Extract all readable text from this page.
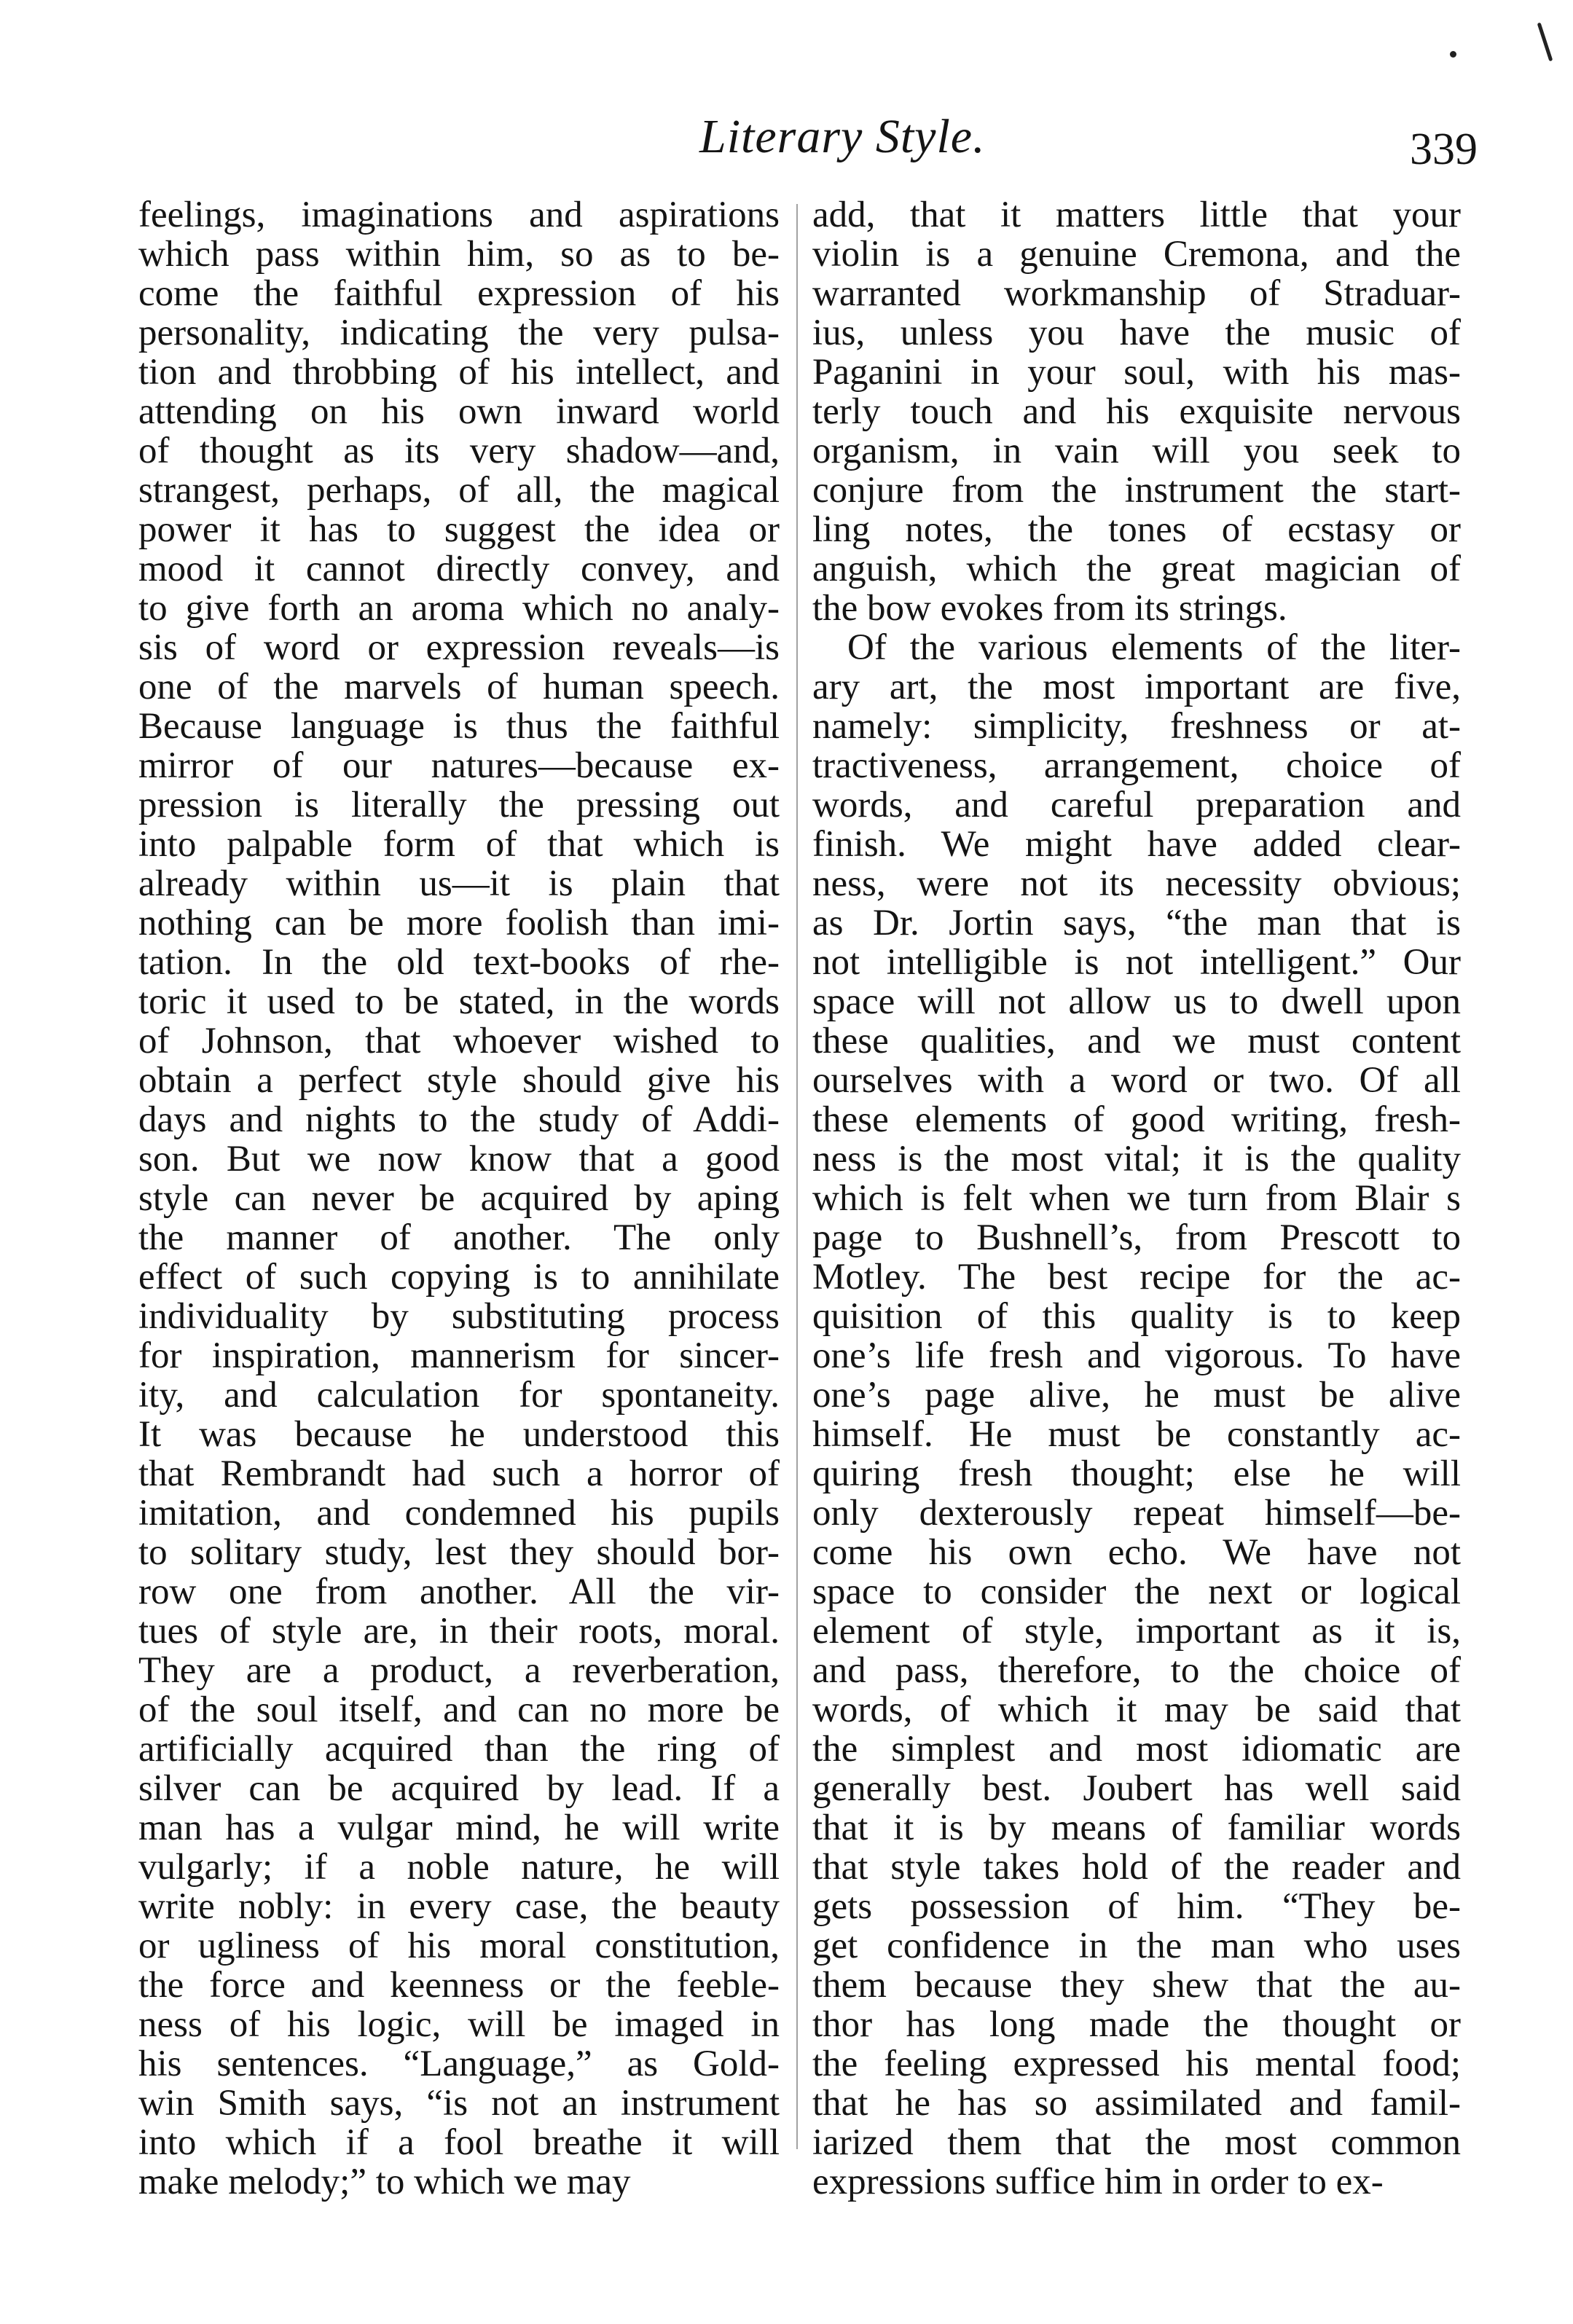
Literary Style.	339
feelings, imaginations and aspirations
which pass within him, so as to be-
come the faithful expression of his
personality, indicating the very pulsa-
tion and throbbing of his intellect, and
attending on his own inward world
of thought as its very shadow—and,
strangest, perhaps, of all, the magical
power it has to suggest the idea or
mood it cannot directly convey, and
to give forth an aroma which no analy-
sis of word or expression reveals—is
one of the marvels of human speech.
Because language is thus the faithful
mirror of our natures—because ex-
pression is literally the pressing out
into palpable form of that which is
already within us—it is plain that
nothing can be more foolish than imi-
tation. In the old text-books of rhe-
toric it used to be stated, in the words
of Johnson, that whoever wished to
obtain a perfect style should give his
days and nights to the study of Addi-
son. But we now know that a good
style can never be acquired by aping
the manner of another. The only
effect of such copying is to annihilate
individuality by substituting process
for inspiration, mannerism for sincer-
ity, and calculation for spontaneity.
It was because he understood this
that Rembrandt had such a horror of
imitation, and condemned his pupils
to solitary study, lest they should bor-
row one from another. All the vir-
tues of style are, in their roots, moral.
They are a product, a reverberation,
of the soul itself, and can no more be
artificially acquired than the ring of
silver can be acquired by lead. If a
man has a vulgar mind, he will write
vulgarly; if a noble nature, he will
write nobly: in every case, the beauty
or ugliness of his moral constitution,
the force and keenness or the feeble-
ness of his logic, will be imaged in
his sentences. “Language,” as Gold-
win Smith says, “is not an instrument
into which if a fool breathe it will
make melody;” to which we may
add, that it matters little that your
violin is a genuine Cremona, and the
warranted workmanship of Straduar-
ius, unless you have the music of
Paganini in your soul, with his mas-
terly touch and his exquisite nervous
organism, in vain will you seek to
conjure from the instrument the start-
ling notes, the tones of ecstasy or
anguish, which the great magician of
the bow evokes from its strings.
Of the various elements of the liter-
ary art, the most important are five,
namely: simplicity, freshness or at-
tractiveness, arrangement, choice of
words, and careful preparation and
finish. We might have added clear-
ness, were not its necessity obvious;
as Dr. Jortin says, “the man that is
not intelligible is not intelligent.” Our
space will not allow us to dwell upon
these qualities, and we must content
ourselves with a word or two. Of all
these elements of good writing, fresh-
ness is the most vital; it is the quality
which is felt when we turn from Blair s
page to Bushnell’s, from Prescott to
Motley. The best recipe for the ac-
quisition of this quality is to keep
one’s life fresh and vigorous. To have
one’s page alive, he must be alive
himself. He must be constantly ac-
quiring fresh thought; else he will
only dexterously repeat himself—be-
come his own echo. We have not
space to consider the next or logical
element of style, important as it is,
and pass, therefore, to the choice of
words, of which it may be said that
the simplest and most idiomatic are
generally best. Joubert has well said
that it is by means of familiar words
that style takes hold of the reader and
gets possession of him. “They be-
get confidence in the man who uses
them because they shew that the au-
thor has long made the thought or
the feeling expressed his mental food;
that he has so assimilated and famil-
iarized them that the most common
expressions suffice him in order to ex-
